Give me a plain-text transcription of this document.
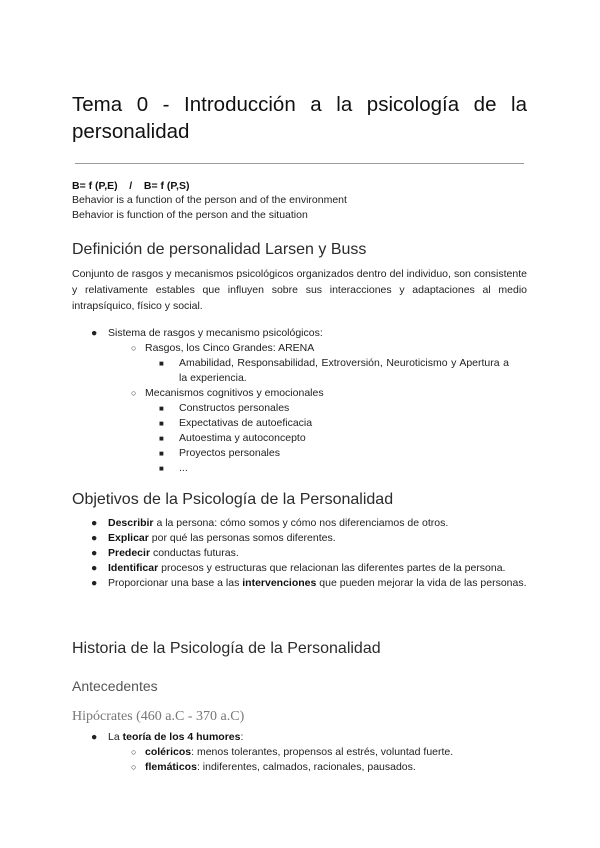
Tema 0 - Introducción a la psicología de la personalidad
B= f (P,E)    /    B= f (P,S)
Behavior is a function of the person and of the environment
Behavior is function of the person and the situation
Definición de personalidad Larsen y Buss

Conjunto de rasgos y mecanismos psicológicos organizados dentro del individuo, son consistente y relativamente estables que influyen sobre sus interacciones y adaptaciones al medio intrapsíquico, físico y social.

● Sistema de rasgos y mecanismo psicológicos:
○ Rasgos, los Cinco Grandes: ARENA
■ Amabilidad, Responsabilidad, Extroversión, Neuroticismo y Apertura a la experiencia.
○ Mecanismos cognitivos y emocionales
■ Constructos personales
■ Expectativas de autoeficacia
■ Autoestima y autoconcepto
■ Proyectos personales
■ ...
Objetivos de la Psicología de la Personalidad
● Describir a la persona: cómo somos y cómo nos diferenciamos de otros.
● Explicar por qué las personas somos diferentes.
● Predecir conductas futuras.
● Identificar procesos y estructuras que relacionan las diferentes partes de la persona.
● Proporcionar una base a las intervenciones que pueden mejorar la vida de las personas.
Historia de la Psicología de la Personalidad
Antecedentes
Hipócrates (460 a.C - 370 a.C)
● La teoría de los 4 humores:
○ coléricos: menos tolerantes, propensos al estrés, voluntad fuerte.
○ flemáticos: indiferentes, calmados, racionales, pausados.
